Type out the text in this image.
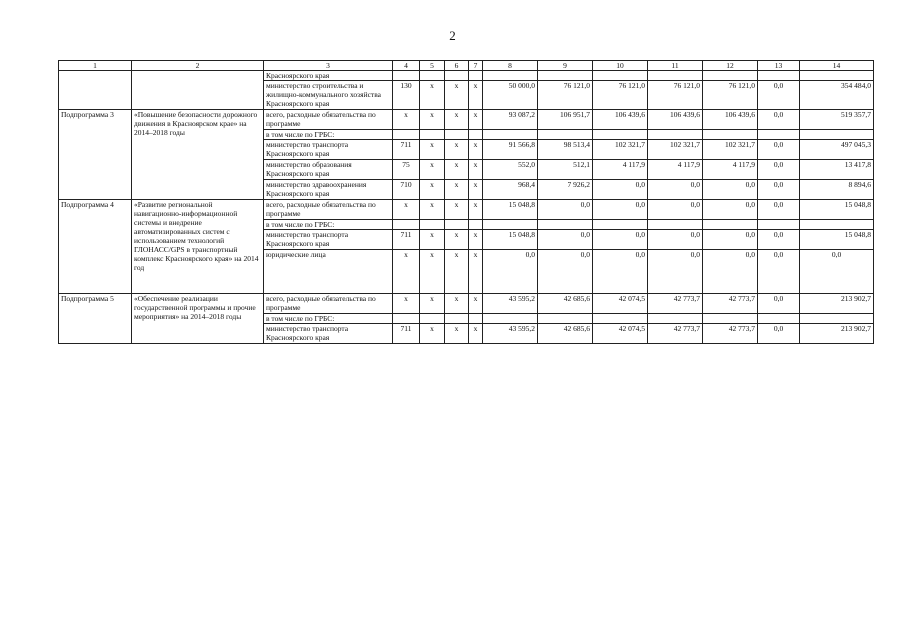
2
1	2	3	4	5	6	7	8	9	10	11	12	13	14
		Красноярского края											
		министерство строительства и жилищно-коммунального хозяйства Красноярского края	130	х	х	х	50 000,0	76 121,0	76 121,0	76 121,0	76 121,0	0,0	354 484,0
Подпрограмма 3	«Повышение безопасности дорожного движения в Красноярском крае» на 2014–2018 годы	всего, расходные обязательства по программе	х	х	х	х	93 087,2	106 951,7	106 439,6	106 439,6	106 439,6	0,0	519 357,7
		в том числе по ГРБС:											
		министерство транспорта Красноярского края	711	х	х	х	91 566,8	98 513,4	102 321,7	102 321,7	102 321,7	0,0	497 045,3
		министерство образования Красноярского края	75	х	х	х	552,0	512,1	4 117,9	4 117,9	4 117,9	0,0	13 417,8
		министерство здравоохранения Красноярского края	710	х	х	х	968,4	7 926,2	0,0	0,0	0,0	0,0	8 894,6
Подпрограмма 4	«Развитие региональной навигационно-информационной системы и внедрение автоматизированных систем с использованием технологий ГЛОНАСС/GPS в транспортный комплекс Красноярского края» на 2014 год	всего, расходные обязательства по программе	х	х	х	х	15 048,8	0,0	0,0	0,0	0,0	0,0	15 048,8
		в том числе по ГРБС:											
		министерство транспорта Красноярского края	711	х	х	х	15 048,8	0,0	0,0	0,0	0,0	0,0	15 048,8
		юридические лица	х	х	х	х	0,0	0,0	0,0	0,0	0,0	0,0	0,0
Подпрограмма 5	«Обеспечение реализации государственной программы и прочие мероприятия» на 2014–2018 годы	всего, расходные обязательства по программе	х	х	х	х	43 595,2	42 685,6	42 074,5	42 773,7	42 773,7	0,0	213 902,7
		в том числе по ГРБС:											
		министерство транспорта Красноярского края	711	х	х	х	43 595,2	42 685,6	42 074,5	42 773,7	42 773,7	0,0	213 902,7
